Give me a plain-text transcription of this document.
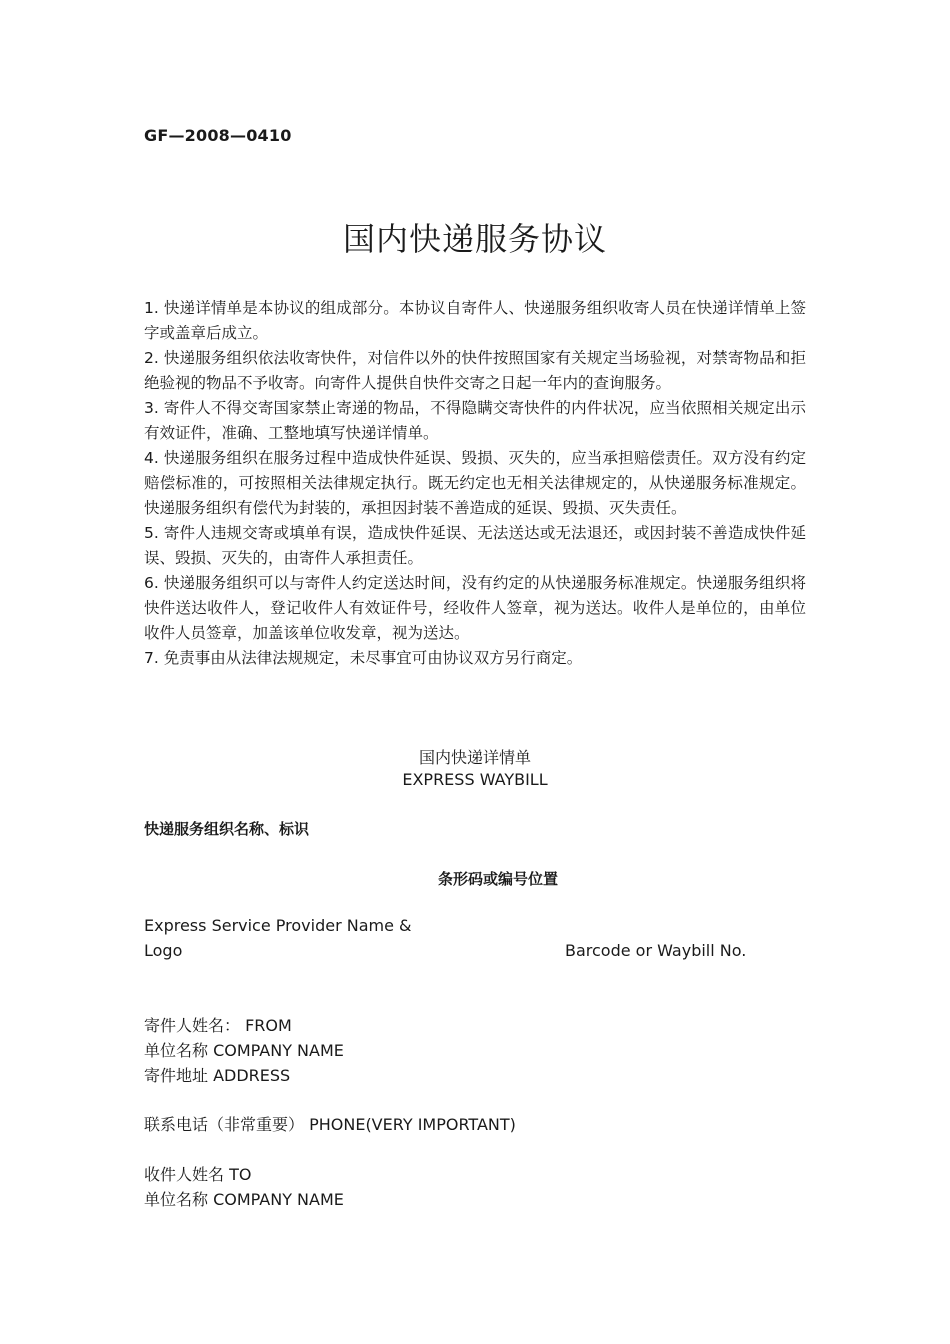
GF—2008—0410
国内快递服务协议

1. 快递详情单是本协议的组成部分。本协议自寄件人、快递服务组织收寄人员在快递详情单上签字或盖章后成立。

2. 快递服务组织依法收寄快件，对信件以外的快件按照国家有关规定当场验视，对禁寄物品和拒绝验视的物品不予收寄。向寄件人提供自快件交寄之日起一年内的查询服务。

3. 寄件人不得交寄国家禁止寄递的物品，不得隐瞒交寄快件的内件状况，应当依照相关规定出示有效证件，准确、工整地填写快递详情单。

4. 快递服务组织在服务过程中造成快件延误、毁损、灭失的，应当承担赔偿责任。双方没有约定赔偿标准的，可按照相关法律规定执行。既无约定也无相关法律规定的，从快递服务标准规定。快递服务组织有偿代为封装的，承担因封装不善造成的延误、毁损、灭失责任。

5. 寄件人违规交寄或填单有误，造成快件延误、无法送达或无法退还，或因封装不善造成快件延误、毁损、灭失的，由寄件人承担责任。

6. 快递服务组织可以与寄件人约定送达时间，没有约定的从快递服务标准规定。快递服务组织将快件送达收件人，登记收件人有效证件号，经收件人签章，视为送达。收件人是单位的，由单位收件人员签章，加盖该单位收发章，视为送达。

7. 免责事由从法律法规规定，未尽事宜可由协议双方另行商定。

国内快递详情单
EXPRESS WAYBILL
快递服务组织名称、标识
条形码或编号位置
Express Service Provider Name &
Logo	Barcode or Waybill No.
寄件人姓名： FROM
单位名称 COMPANY NAME
寄件地址 ADDRESS
联系电话（非常重要） PHONE(VERY IMPORTANT)
收件人姓名 TO
单位名称 COMPANY NAME
